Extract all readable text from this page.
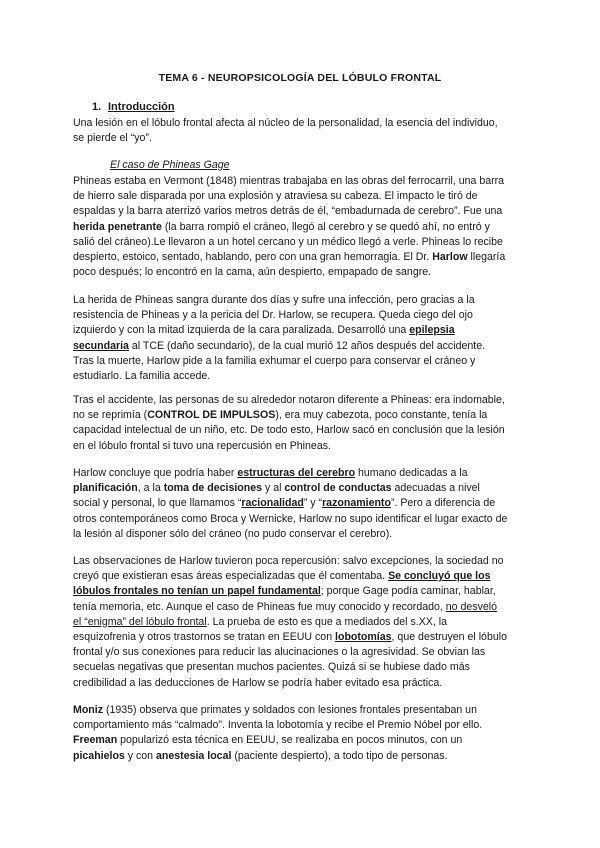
TEMA 6 - NEUROPSICOLOGÍA DEL LÓBULO FRONTAL
1. Introducción
Una lesión en el lóbulo frontal afecta al núcleo de la personalidad, la esencia del individuo,
se pierde el “yo”.
El caso de Phineas Gage
Phineas estaba en Vermont (1848) mientras trabajaba en las obras del ferrocarril, una barra
de hierro sale disparada por una explosión y atraviesa su cabeza. El impacto le tiró de
espaldas y la barra aterrizó varios metros detrás de él, “embadurnada de cerebro”. Fue una
herida penetrante (la barra rompió el cráneo, llegó al cerebro y se quedó ahí, no entró y
salió del cráneo).Le llevaron a un hotel cercano y un médico llegó a verle. Phineas lo recibe
despierto, estoico, sentado, hablando, pero con una gran hemorragia. El Dr. Harlow llegaría
poco después; lo encontró en la cama, aún despierto, empapado de sangre.
La herida de Phineas sangra durante dos días y sufre una infección, pero gracias a la
resistencia de Phineas y a la pericia del Dr. Harlow, se recupera. Queda ciego del ojo
izquierdo y con la mitad izquierda de la cara paralizada. Desarrolló una epilepsia
secundaria al TCE (daño secundario), de la cual murió 12 años después del accidente.
Tras la muerte, Harlow pide a la familia exhumar el cuerpo para conservar el cráneo y
estudiarlo. La familia accede.
Tras el accidente, las personas de su alrededor notaron diferente a Phineas: era indomable,
no se reprimía (CONTROL DE IMPULSOS), era muy cabezota, poco constante, tenía la
capacidad intelectual de un niño, etc. De todo esto, Harlow sacó en conclusión que la lesión
en el lóbulo frontal si tuvo una repercusión en Phineas.
Harlow concluye que podría haber estructuras del cerebro humano dedicadas a la
planificación, a la toma de decisiones y al control de conductas adecuadas a nivel
social y personal, lo que llamamos “racionalidad” y “razonamiento”. Pero a diferencia de
otros contemporáneos como Broca y Wernicke, Harlow no supo identificar el lugar exacto de
la lesión al disponer sólo del cráneo (no pudo conservar el cerebro).
Las observaciones de Harlow tuvieron poca repercusión: salvo excepciones, la sociedad no
creyó que existieran esas áreas especializadas que él comentaba. Se concluyó que los
lóbulos frontales no tenían un papel fundamental; porque Gage podía caminar, hablar,
tenía memoria, etc. Aunque el caso de Phineas fue muy conocido y recordado, no desveló
el “enigma” del lóbulo frontal. La prueba de esto es que a mediados del s.XX, la
esquizofrenia y otros trastornos se tratan en EEUU con lobotomías, que destruyen el lóbulo
frontal y/o sus conexiones para reducir las alucinaciones o la agresividad. Se obvian las
secuelas negativas que presentan muchos pacientes. Quizá si se hubiese dado más
credibilidad a las deducciones de Harlow se podría haber evitado esa práctica.
Moniz (1935) observa que primates y soldados con lesiones frontales presentaban un
comportamiento más “calmado”. Inventa la lobotomía y recibe el Premio Nóbel por ello.
Freeman popularizó esta técnica en EEUU, se realizaba en pocos minutos, con un
picahielos y con anestesia local (paciente despierto), a todo tipo de personas.
